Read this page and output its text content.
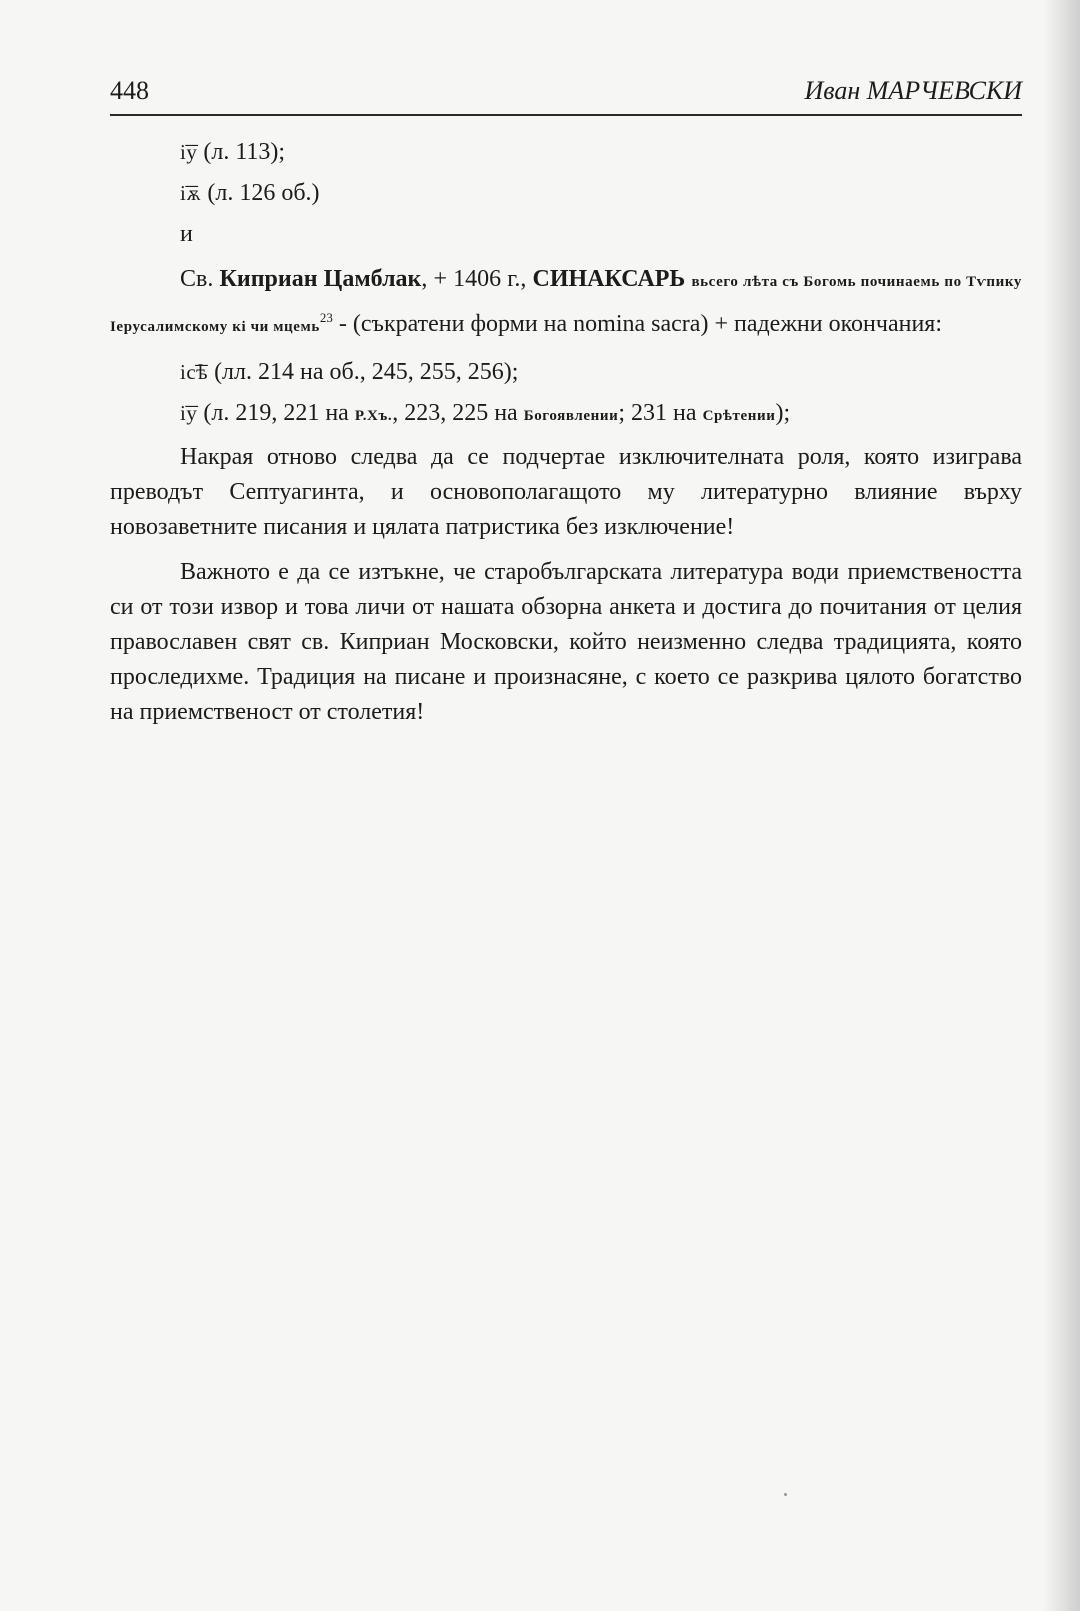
448	Иван МАРЧЕВСКИ
і͞у (л. 113);
і͞ѫ (л. 126 об.)
и

Св. Киприан Цамблак, + 1406 г., СИНАКСАРЬ вьсего лѣта съ Богомь починаемь по Тѵпику Іерусалимскому кі чи мцемь$^{23}$ - (съкратени форми на nomina sacra) + падежни окончания:

іс͞ѣ (лл. 214 на об., 245, 255, 256);
і͞у (л. 219, 221 на Р.Хъ., 223, 225 на Богоявлении; 231 на Срѣтении);

Накрая отново следва да се подчертае изключителната роля, която изиграва преводът Септуагинта, и основополагащото му литературно влияние върху новозаветните писания и цялата патристика без изключение!

Важното е да се изтъкне, че старобългарската литература води приемствеността си от този извор и това личи от нашата обзорна анкета и достига до почитания от целия православен свят св. Киприан Московски, който неизменно следва традицията, която проследихме. Традиция на писане и произнасяне, с което се разкрива цялото богатство на приемственост от столетия!
